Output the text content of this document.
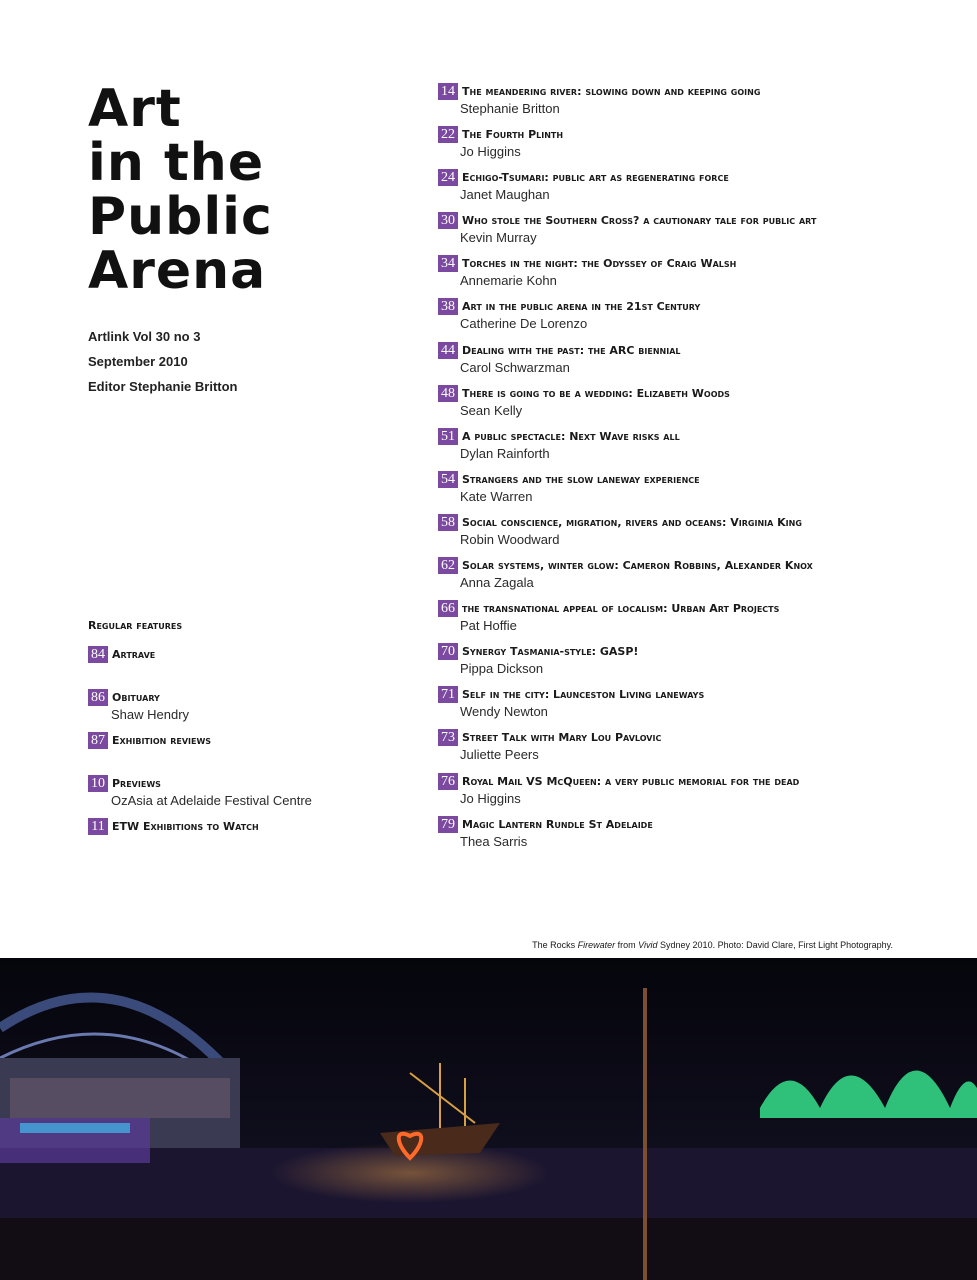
Art
in the
Public
Arena
Artlink Vol 30 no 3
September 2010
Editor Stephanie Britton
14 The meandering river: slowing down and keeping going
Stephanie Britton
22 The Fourth Plinth
Jo Higgins
24 Echigo-Tsumari: public art as regenerating force
Janet Maughan
30 Who stole the Southern Cross? a cautionary tale for public art
Kevin Murray
34 Torches in the night: the Odyssey of Craig Walsh
Annemarie Kohn
38 Art in the public arena in the 21st Century
Catherine De Lorenzo
44 Dealing with the past: the ARC biennial
Carol Schwarzman
48 There is going to be a wedding: Elizabeth Woods
Sean Kelly
51 A public spectacle: Next Wave risks all
Dylan Rainforth
54 Strangers and the slow laneway experience
Kate Warren
58 Social conscience, migration, rivers and oceans: Virginia King
Robin Woodward
62 Solar systems, winter glow: Cameron Robbins, Alexander Knox
Anna Zagala
66 the transnational appeal of localism: Urban Art Projects
Pat Hoffie
70 Synergy Tasmania-style: GASP!
Pippa Dickson
71 Self in the city: Launceston Living laneways
Wendy Newton
73 Street Talk with Mary Lou Pavlovic
Juliette Peers
76 Royal Mail VS McQueen: a very public memorial for the dead
Jo Higgins
79 Magic Lantern Rundle St Adelaide
Thea Sarris
Regular features
84 Artrave
86 Obituary
Shaw Hendry
87 Exhibition reviews
10 Previews
OzAsia at Adelaide Festival Centre
11 ETW Exhibitions to Watch
The Rocks Firewater from Vivid Sydney 2010. Photo: David Clare, First Light Photography.
